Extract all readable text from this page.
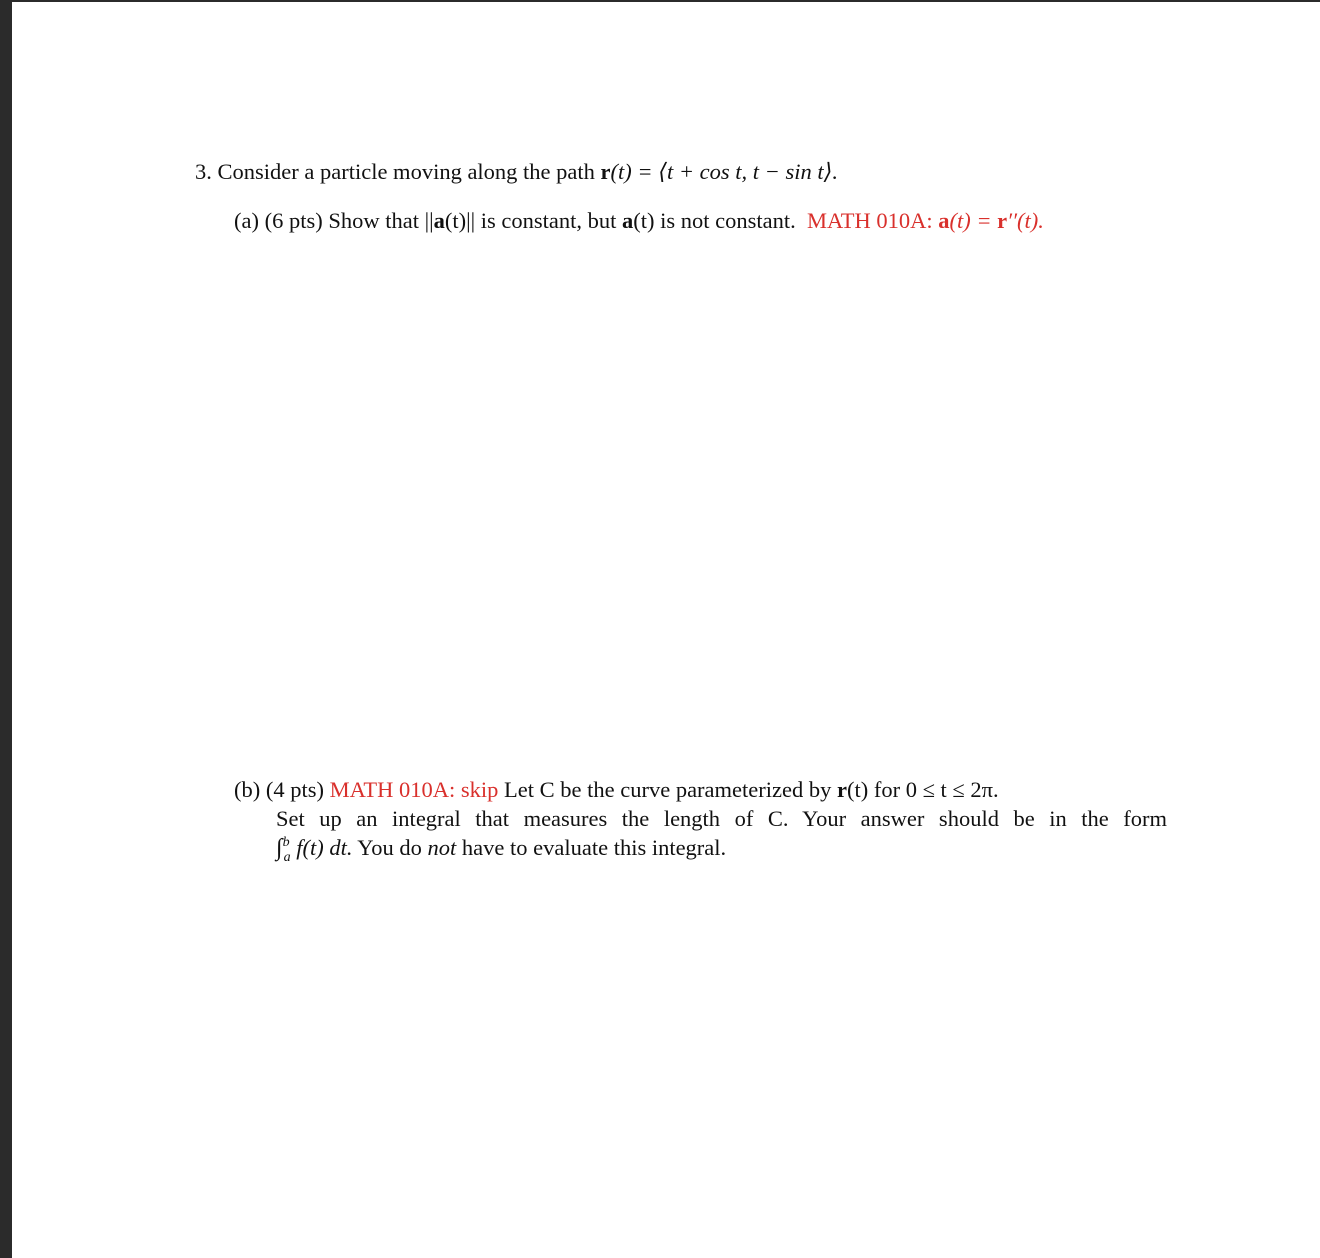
3. Consider a particle moving along the path r(t) = ⟨t + cos t, t − sin t⟩.
(a) (6 pts) Show that ||a(t)|| is constant, but a(t) is not constant. MATH 010A: a(t) = r′′(t).
(b) (4 pts) MATH 010A: skip Let C be the curve parameterized by r(t) for 0 ≤ t ≤ 2π.
Set up an integral that measures the length of C. Your answer should be in the form
∫$^b_a$ f(t) dt. You do not have to evaluate this integral.
